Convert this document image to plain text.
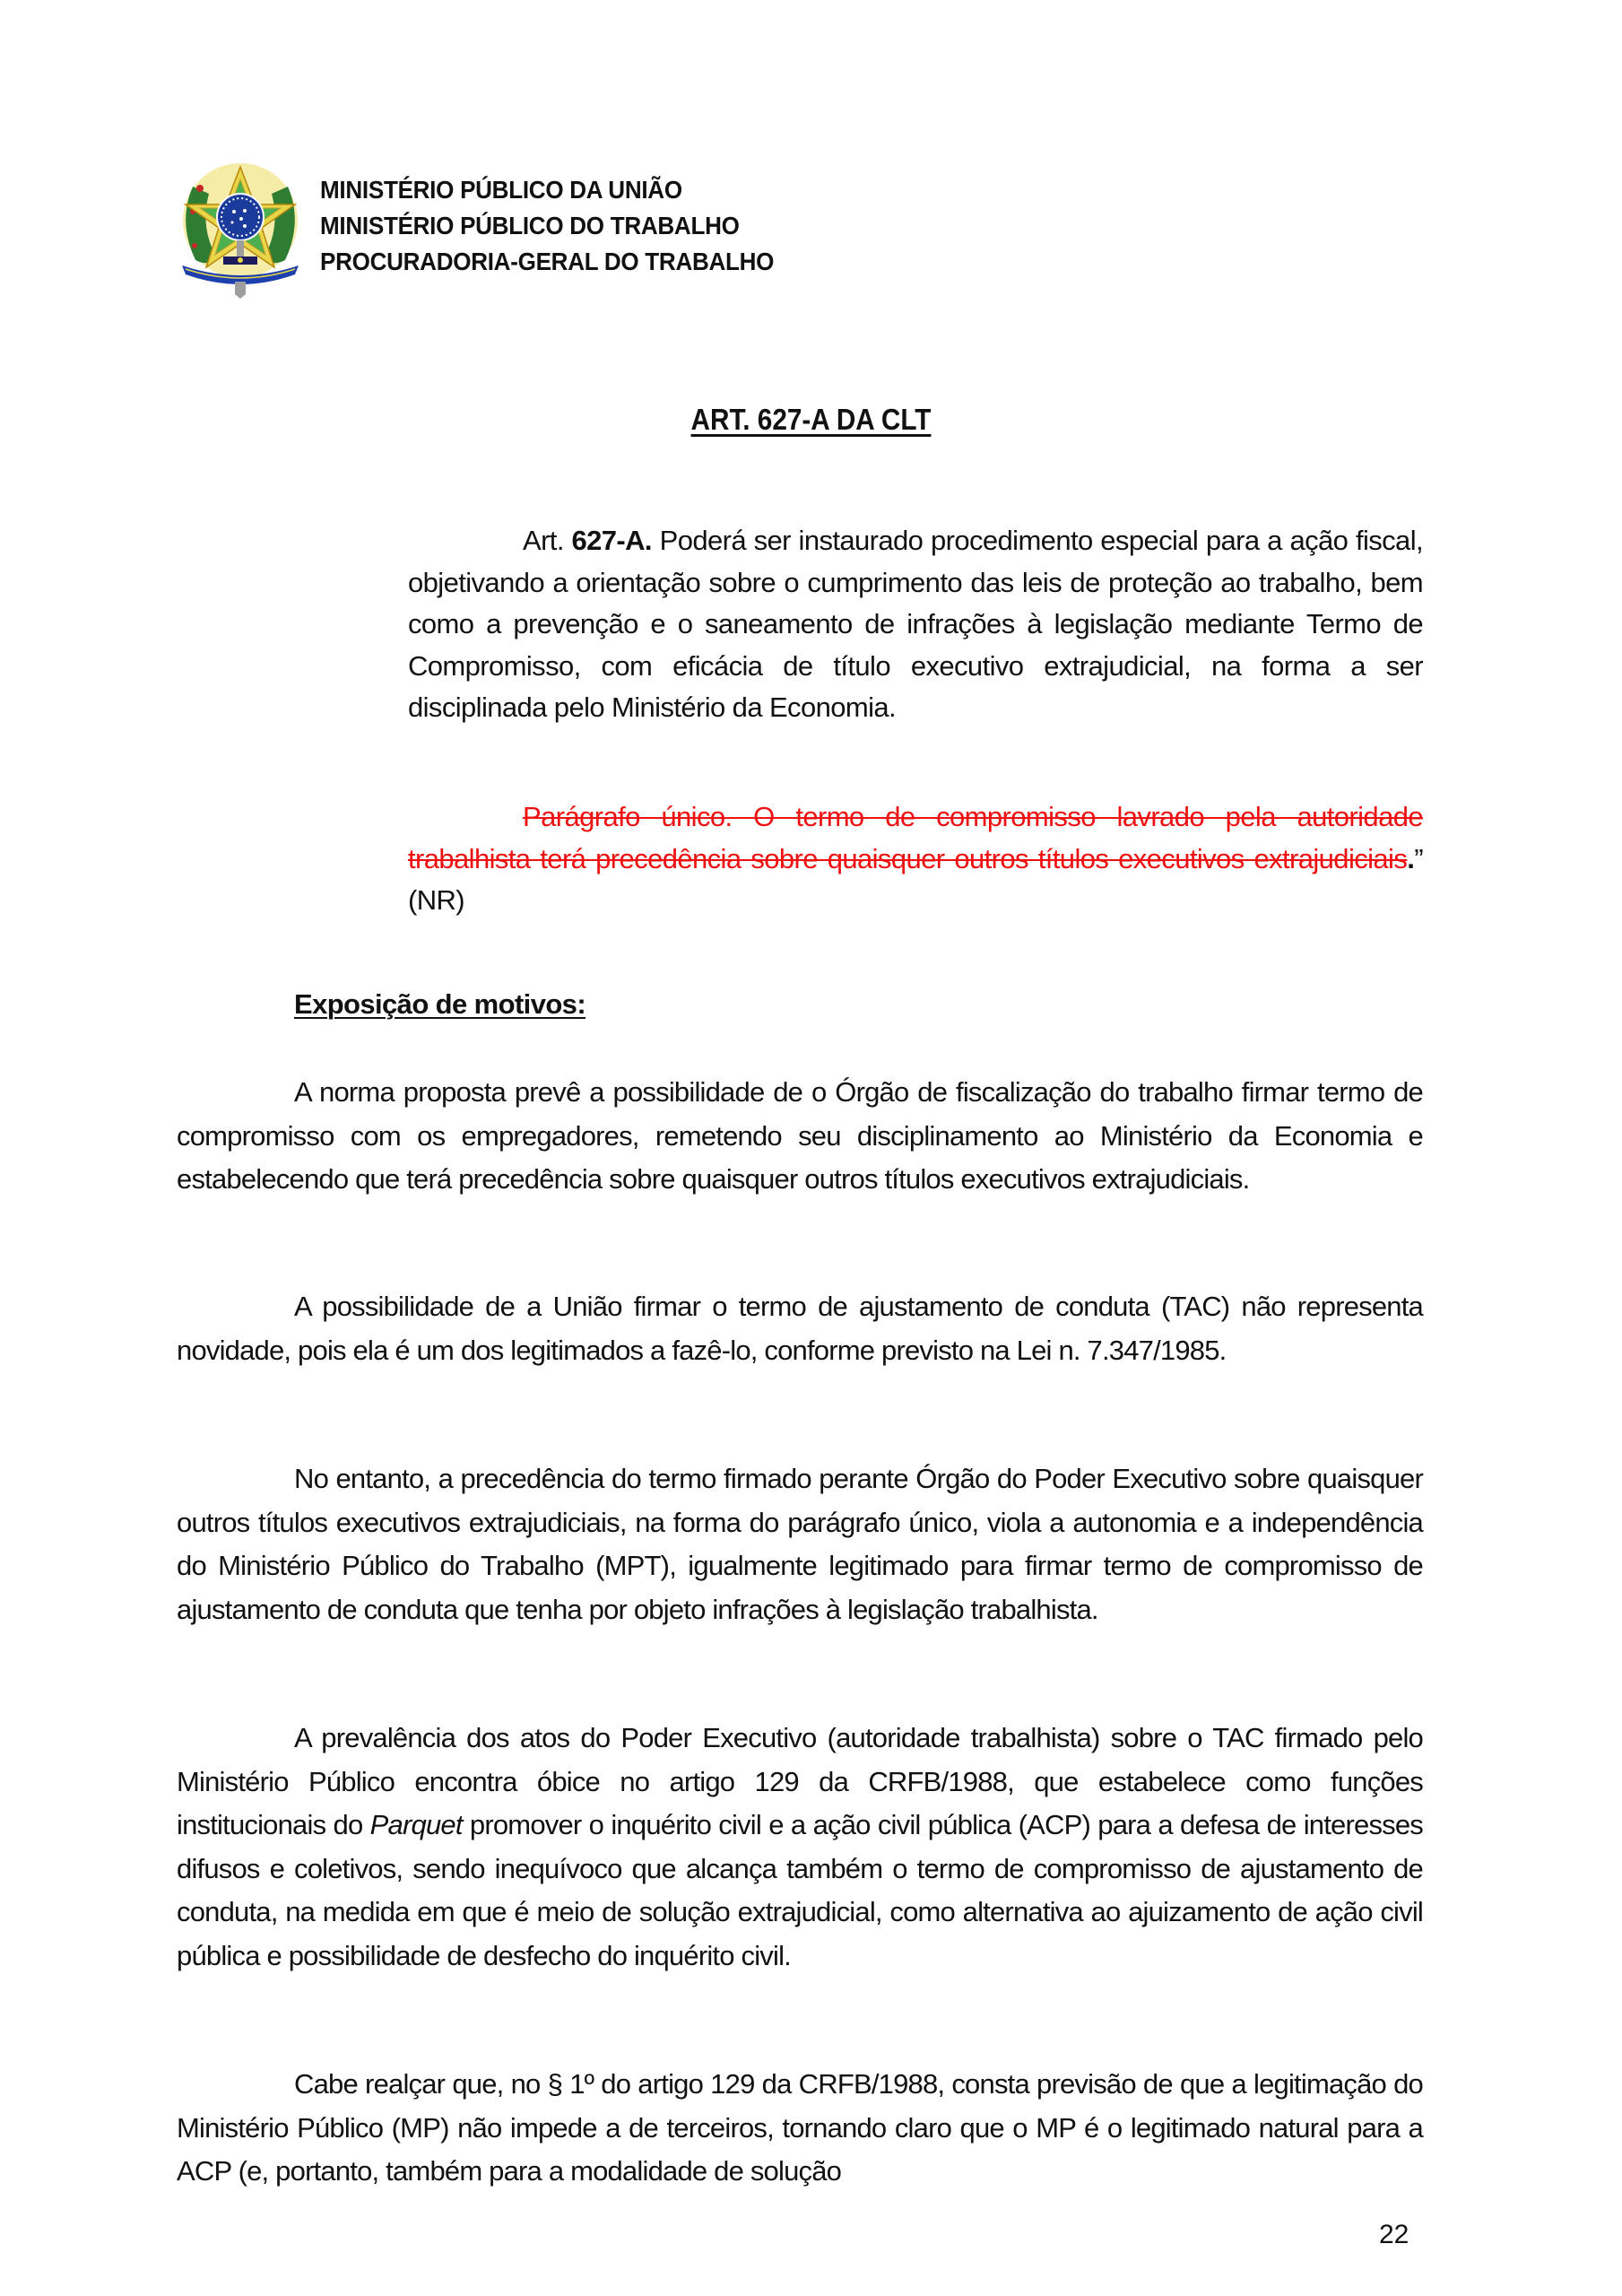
MINISTÉRIO PÚBLICO DA UNIÃO
MINISTÉRIO PÚBLICO DO TRABALHO
PROCURADORIA-GERAL DO TRABALHO
ART. 627-A DA CLT

Art. 627-A. Poderá ser instaurado procedimento especial para a ação fiscal, objetivando a orientação sobre o cumprimento das leis de proteção ao trabalho, bem como a prevenção e o saneamento de infrações à legislação mediante Termo de Compromisso, com eficácia de título executivo extrajudicial, na forma a ser disciplinada pelo Ministério da Economia.

Parágrafo único. O termo de compromisso lavrado pela autoridade trabalhista terá precedência sobre quaisquer outros títulos executivos extrajudiciais.” (NR)

Exposição de motivos:

A norma proposta prevê a possibilidade de o Órgão de fiscalização do trabalho firmar termo de compromisso com os empregadores, remetendo seu disciplinamento ao Ministério da Economia e estabelecendo que terá precedência sobre quaisquer outros títulos executivos extrajudiciais.

A possibilidade de a União firmar o termo de ajustamento de conduta (TAC) não representa novidade, pois ela é um dos legitimados a fazê-lo, conforme previsto na Lei n. 7.347/1985.

No entanto, a precedência do termo firmado perante Órgão do Poder Executivo sobre quaisquer outros títulos executivos extrajudiciais, na forma do parágrafo único, viola a autonomia e a independência do Ministério Público do Trabalho (MPT), igualmente legitimado para firmar termo de compromisso de ajustamento de conduta que tenha por objeto infrações à legislação trabalhista.

A prevalência dos atos do Poder Executivo (autoridade trabalhista) sobre o TAC firmado pelo Ministério Público encontra óbice no artigo 129 da CRFB/1988, que estabelece como funções institucionais do Parquet promover o inquérito civil e a ação civil pública (ACP) para a defesa de interesses difusos e coletivos, sendo inequívoco que alcança também o termo de compromisso de ajustamento de conduta, na medida em que é meio de solução extrajudicial, como alternativa ao ajuizamento de ação civil pública e possibilidade de desfecho do inquérito civil.

Cabe realçar que, no § 1º do artigo 129 da CRFB/1988, consta previsão de que a legitimação do Ministério Público (MP) não impede a de terceiros, tornando claro que o MP é o legitimado natural para a ACP (e, portanto, também para a modalidade de solução

22
